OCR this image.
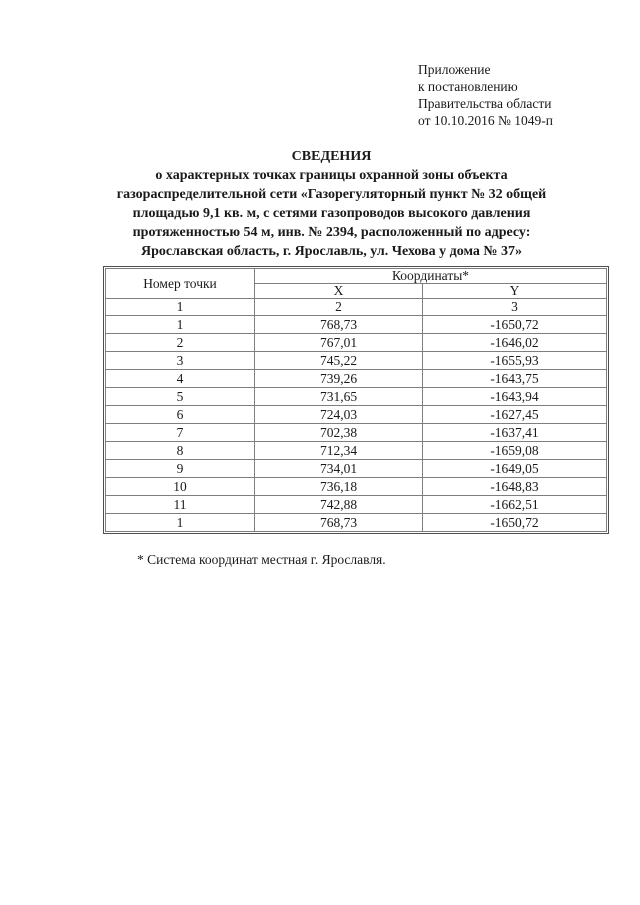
Приложение
к постановлению
Правительства области
от 10.10.2016 № 1049-п
СВЕДЕНИЯ
о характерных точках границы охранной зоны объекта
газораспределительной сети «Газорегуляторный пункт № 32 общей
площадью 9,1 кв. м, с сетями газопроводов высокого давления
протяженностью 54 м, инв. № 2394, расположенный по адресу:
Ярославская область, г. Ярославль, ул. Чехова у дома № 37»
Номер точки	Координаты*	
	X	Y
1	2	3
1	768,73	-1650,72
2	767,01	-1646,02
3	745,22	-1655,93
4	739,26	-1643,75
5	731,65	-1643,94
6	724,03	-1627,45
7	702,38	-1637,41
8	712,34	-1659,08
9	734,01	-1649,05
10	736,18	-1648,83
11	742,88	-1662,51
1	768,73	-1650,72
* Система координат местная г. Ярославля.
